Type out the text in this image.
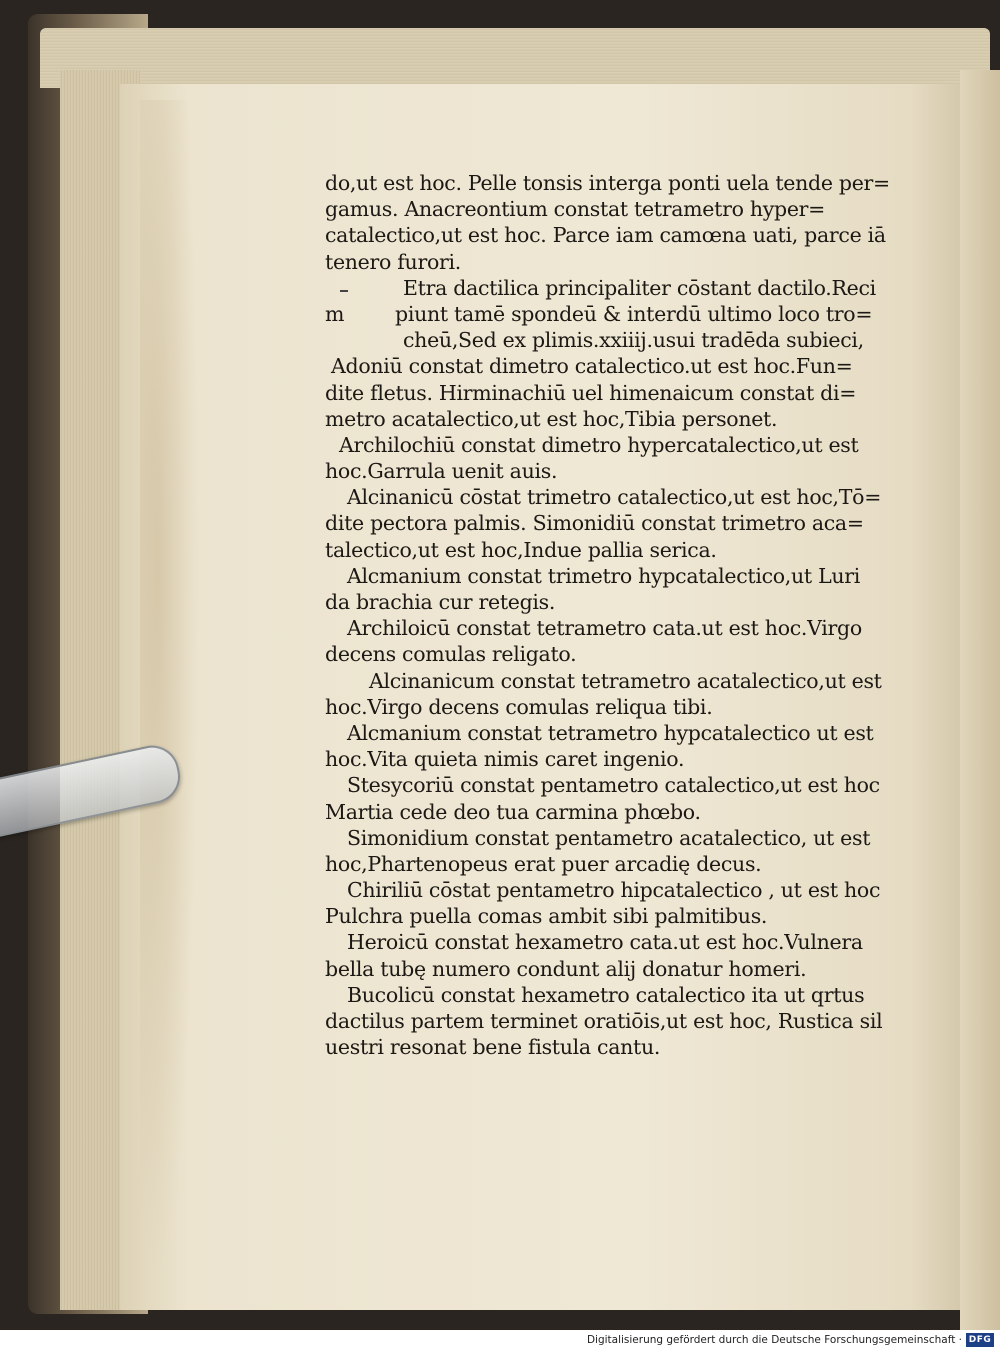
do,ut est hoc. Pelle tonsis interga ponti uela tende per=
gamus. Anacreontium constat tetrametro hyper=
catalectico,ut est hoc. Parce iam camœna uati, parce iā
tenero furori.
Etra dactilica principaliter cōstant dactilo.Reci
m piunt tamē spondeū & interdū ultimo loco tro=
cheū,Sed ex plimis.xxiiij.usui tradēda subieci,
Adoniū constat dimetro catalectico.ut est hoc.Fun=
dite fletus. Hirminachiū uel himenaicum constat di=
metro acatalectico,ut est hoc,Tibia personet.
Archilochiū constat dimetro hypercatalectico,ut est
hoc.Garrula uenit auis.
Alcinanicū cōstat trimetro catalectico,ut est hoc,Tō=
dite pectora palmis. Simonidiū constat trimetro aca=
talectico,ut est hoc,Indue pallia serica.
Alcmanium constat trimetro hypcatalectico,ut Luri
da brachia cur retegis.
Archiloicū constat tetrametro cata.ut est hoc.Virgo
decens comulas religato.
Alcinanicum constat tetrametro acatalectico,ut est
hoc.Virgo decens comulas reliqua tibi.
Alcmanium constat tetrametro hypcatalectico ut est
hoc.Vita quieta nimis caret ingenio.
Stesycoriū constat pentametro catalectico,ut est hoc
Martia cede deo tua carmina phœbo.
Simonidium constat pentametro acatalectico, ut est
hoc,Phartenopeus erat puer arcadię decus.
Chiriliū cōstat pentametro hipcatalectico , ut est hoc
Pulchra puella comas ambit sibi palmitibus.
Heroicū constat hexametro cata.ut est hoc.Vulnera
bella tubę numero condunt alij donatur homeri.
Bucolicū constat hexametro catalectico ita ut qrtus
dactilus partem terminet oratiōis,ut est hoc, Rustica sil
uestri resonat bene fistula cantu.
Digitalisierung gefördert durch die Deutsche Forschungsgemeinschaft · DFG
